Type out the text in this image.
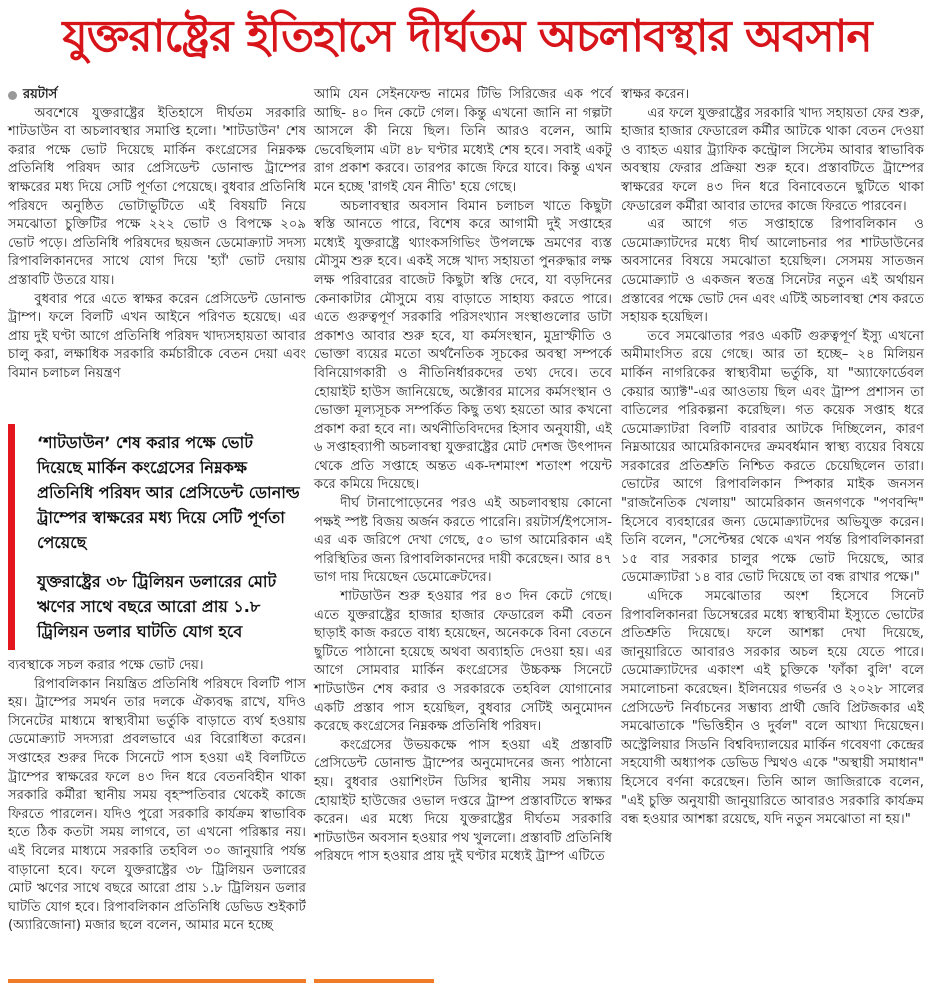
যুক্তরাষ্ট্রের ইতিহাসে দীর্ঘতম অচলাবস্থার অবসান
রয়টার্স

অবশেষে যুক্তরাষ্ট্রের ইতিহাসে দীর্ঘতম সরকারি শাটডাউন বা অচলাবস্থার সমাপ্তি হলো। 'শাটডাউন' শেষ করার পক্ষে ভোট দিয়েছে মার্কিন কংগ্রেসের নিম্নকক্ষ প্রতিনিধি পরিষদ আর প্রেসিডেন্ট ডোনাল্ড ট্রাম্পের স্বাক্ষরের মধ্য দিয়ে সেটি পূর্ণতা পেয়েছে। বুধবার প্রতিনিধি পরিষদে অনুষ্ঠিত ভোটাভুটিতে এই বিষয়টি নিয়ে সমঝোতা চুক্তিটির পক্ষে ২২২ ভোট ও বিপক্ষে ২০৯ ভোট পড়ে। প্রতিনিধি পরিষদের ছয়জন ডেমোক্র্যাট সদস্য রিপাবলিকানদের সাথে যোগ দিয়ে 'হ্যাঁ' ভোট দেয়ায় প্রস্তাবটি উতরে যায়।

বুধবার পরে এতে স্বাক্ষর করেন প্রেসিডেন্ট ডোনাল্ড ট্রাম্প। ফলে বিলটি এখন আইনে পরিণত হয়েছে। এর প্রায় দুই ঘণ্টা আগে প্রতিনিধি পরিষদ খাদ্যসহায়তা আবার চালু করা, লক্ষাধিক সরকারি কর্মচারীকে বেতন দেয়া এবং বিমান চলাচল নিয়ন্ত্রণ

‘শাটডাউন’ শেষ করার পক্ষে ভোট দিয়েছে মার্কিন কংগ্রেসের নিম্নকক্ষ প্রতিনিধি পরিষদ আর প্রেসিডেন্ট ডোনাল্ড ট্রাম্পের স্বাক্ষরের মধ্য দিয়ে সেটি পূর্ণতা পেয়েছে

যুক্তরাষ্ট্রের ৩৮ ট্রিলিয়ন ডলারের মোট ঋণের সাথে বছরে আরো প্রায় ১.৮ ট্রিলিয়ন ডলার ঘাটতি যোগ হবে

ব্যবস্থাকে সচল করার পক্ষে ভোট দেয়।

রিপাবলিকান নিয়ন্ত্রিত প্রতিনিধি পরিষদে বিলটি পাস হয়। ট্রাম্পের সমর্থন তার দলকে ঐক্যবদ্ধ রাখে, যদিও সিনেটের মাধ্যমে স্বাস্থ্যবীমা ভর্তুকি বাড়াতে ব্যর্থ হওয়ায় ডেমোক্র্যাট সদস্যরা প্রবলভাবে এর বিরোধিতা করেন। সপ্তাহের শুরুর দিকে সিনেটে পাস হওয়া এই বিলটিতে ট্রাম্পের স্বাক্ষরের ফলে ৪৩ দিন ধরে বেতনবিহীন থাকা সরকারি কর্মীরা স্থানীয় সময় বৃহস্পতিবার থেকেই কাজে ফিরতে পারলেন। যদিও পুরো সরকারি কার্যক্রম স্বাভাবিক হতে ঠিক কতটা সময় লাগবে, তা এখনো পরিষ্কার নয়। এই বিলের মাধ্যমে সরকারি তহবিল ৩০ জানুয়ারি পর্যন্ত বাড়ানো হবে। ফলে যুক্তরাষ্ট্রের ৩৮ ট্রিলিয়ন ডলারের মোট ঋণের সাথে বছরে আরো প্রায় ১.৮ ট্রিলিয়ন ডলার ঘাটতি যোগ হবে। রিপাবলিকান প্রতিনিধি ডেভিড শুইকার্ট (অ্যারিজোনা) মজার ছলে বলেন, আমার মনে হচ্ছে

আমি যেন সেইনফেল্ড নামের টিভি সিরিজের এক পর্বে আছি- ৪০ দিন কেটে গেল। কিন্তু এখনো জানি না গল্পটা আসলে কী নিয়ে ছিল। তিনি আরও বলেন, আমি ভেবেছিলাম এটা ৪৮ ঘণ্টার মধ্যেই শেষ হবে। সবাই একটু রাগ প্রকাশ করবে। তারপর কাজে ফিরে যাবে। কিন্তু এখন মনে হচ্ছে 'রাগই যেন নীতি' হয়ে গেছে।

অচলাবস্থার অবসান বিমান চলাচল খাতে কিছুটা স্বস্তি আনতে পারে, বিশেষ করে আগামী দুই সপ্তাহের মধ্যেই যুক্তরাষ্ট্রে থ্যাংকসগিভিং উপলক্ষে ভ্রমণের ব্যস্ত মৌসুম শুরু হবে। একই সঙ্গে খাদ্য সহায়তা পুনরুদ্ধার লক্ষ লক্ষ পরিবারের বাজেট কিছুটা স্বস্তি দেবে, যা বড়দিনের কেনাকাটার মৌসুমে ব্যয় বাড়াতে সাহায্য করতে পারে। এতে গুরুত্বপূর্ণ সরকারি পরিসংখ্যান সংস্থাগুলোর ডাটা প্রকাশও আবার শুরু হবে, যা কর্মসংস্থান, মুদ্রাস্ফীতি ও ভোক্তা ব্যয়ের মতো অর্থনৈতিক সূচকের অবস্থা সম্পর্কে বিনিয়োগকারী ও নীতিনির্ধারকদের তথ্য দেবে। তবে হোয়াইট হাউস জানিয়েছে, অক্টোবর মাসের কর্মসংস্থান ও ভোক্তা মূল্যসূচক সম্পর্কিত কিছু তথ্য হয়তো আর কখনো প্রকাশ করা হবে না। অর্থনীতিবিদদের হিসাব অনুযায়ী, এই ৬ সপ্তাহব্যাপী অচলাবস্থা যুক্তরাষ্ট্রের মোট দেশজ উৎপাদন থেকে প্রতি সপ্তাহে অন্তত এক-দশমাংশ শতাংশ পয়েন্ট করে কমিয়ে দিয়েছে।

দীর্ঘ টানাপোড়েনের পরও এই অচলাবস্থায় কোনো পক্ষই স্পষ্ট বিজয় অর্জন করতে পারেনি। রয়টার্স/ইপসোস-এর এক জরিপে দেখা গেছে, ৫০ ভাগ আমেরিকান এই পরিস্থিতির জন্য রিপাবলিকানদের দায়ী করেছেন। আর ৪৭ ভাগ দায় দিয়েছেন ডেমোক্রেটদের।

শাটডাউন শুরু হওয়ার পর ৪৩ দিন কেটে গেছে। এতে যুক্তরাষ্ট্রের হাজার হাজার ফেডারেল কর্মী বেতন ছাড়াই কাজ করতে বাধ্য হয়েছেন, অনেককে বিনা বেতনে ছুটিতে পাঠানো হয়েছে অথবা অব্যাহতি দেওয়া হয়। এর আগে সোমবার মার্কিন কংগ্রেসের উচ্চকক্ষ সিনেটে শাটডাউন শেষ করার ও সরকারকে তহবিল যোগানোর একটি প্রস্তাব পাস হয়েছিল, বুধবার সেটিই অনুমোদন করেছে কংগ্রেসের নিম্নকক্ষ প্রতিনিধি পরিষদ।

কংগ্রেসের উভয়কক্ষে পাস হওয়া এই প্রস্তাবটি প্রেসিডেন্ট ডোনাল্ড ট্রাম্পের অনুমোদনের জন্য পাঠানো হয়। বুধবার ওয়াশিংটন ডিসির স্থানীয় সময় সন্ধ্যায় হোয়াইট হাউজের ওভাল দপ্তরে ট্রাম্প প্রস্তাবটিতে স্বাক্ষর করেন। এর মধ্যে দিয়ে যুক্তরাষ্ট্রের দীর্ঘতম সরকারি শাটডাউন অবসান হওয়ার পথ খুললো। প্রস্তাবটি প্রতিনিধি পরিষদে পাস হওয়ার প্রায় দুই ঘণ্টার মধ্যেই ট্রাম্প এটিতে

স্বাক্ষর করেন।

এর ফলে যুক্তরাষ্ট্রের সরকারি খাদ্য সহায়তা ফের শুরু, হাজার হাজার ফেডারেল কর্মীর আটকে থাকা বেতন দেওয়া ও ব্যাহত এয়ার ট্র্যাফিক কন্ট্রোল সিস্টেম আবার স্বাভাবিক অবস্থায় ফেরার প্রক্রিয়া শুরু হবে। প্রস্তাবটিতে ট্রাম্পের স্বাক্ষরের ফলে ৪৩ দিন ধরে বিনাবেতনে ছুটিতে থাকা ফেডারেল কর্মীরা আবার তাদের কাজে ফিরতে পারবেন।

এর আগে গত সপ্তাহান্তে রিপাবলিকান ও ডেমোক্র্যাটদের মধ্যে দীর্ঘ আলোচনার পর শাটডাউনের অবসানের বিষয়ে সমঝোতা হয়েছিল। সেসময় সাতজন ডেমোক্র্যাট ও একজন স্বতন্ত্র সিনেটর নতুন এই অর্থায়ন প্রস্তাবের পক্ষে ভোট দেন এবং এটিই অচলাবস্থা শেষ করতে সহায়ক হয়েছিল।

তবে সমঝোতার পরও একটি গুরুত্বপূর্ণ ইস্যু এখনো অমীমাংসিত রয়ে গেছে। আর তা হচ্ছে– ২৪ মিলিয়ন মার্কিন নাগরিকের স্বাস্থ্যবীমা ভর্তুকি, যা "অ্যাফোর্ডেবল কেয়ার অ্যাক্ট"-এর আওতায় ছিল এবং ট্রাম্প প্রশাসন তা বাতিলের পরিকল্পনা করেছিল। গত কয়েক সপ্তাহ ধরে ডেমোক্র্যাটরা বিলটি বারবার আটকে দিচ্ছিলেন, কারণ নিম্নআয়ের আমেরিকানদের ক্রমবর্ধমান স্বাস্থ্য ব্যয়ের বিষয়ে সরকারের প্রতিশ্রুতি নিশ্চিত করতে চেয়েছিলেন তারা। ভোটের আগে রিপাবলিকান স্পিকার মাইক জনসন "রাজনৈতিক খেলায়" আমেরিকান জনগণকে "পণবন্দি" হিসেবে ব্যবহারের জন্য ডেমোক্র্যাটদের অভিযুক্ত করেন। তিনি বলেন, "সেপ্টেম্বর থেকে এখন পর্যন্ত রিপাবলিকানরা ১৫ বার সরকার চালুর পক্ষে ভোট দিয়েছে, আর ডেমোক্র্যাটরা ১৪ বার ভোট দিয়েছে তা বন্ধ রাখার পক্ষে।"

এদিকে সমঝোতার অংশ হিসেবে সিনেট রিপাবলিকানরা ডিসেম্বরের মধ্যে স্বাস্থ্যবীমা ইস্যুতে ভোটের প্রতিশ্রুতি দিয়েছে। ফলে আশঙ্কা দেখা দিয়েছে, জানুয়ারিতে আবারও সরকার অচল হয়ে যেতে পারে। ডেমোক্র্যাটদের একাংশ এই চুক্তিকে 'ফাঁকা বুলি' বলে সমালোচনা করেছেন। ইলিনয়ের গভর্নর ও ২০২৮ সালের প্রেসিডেন্ট নির্বাচনের সম্ভাব্য প্রার্থী জেবি প্রিটজকার এই সমঝোতাকে "ভিত্তিহীন ও দুর্বল" বলে আখ্যা দিয়েছেন। অস্ট্রেলিয়ার সিডনি বিশ্ববিদ্যালয়ের মার্কিন গবেষণা কেন্দ্রের সহযোগী অধ্যাপক ডেভিড স্মিথও একে "অস্থায়ী সমাধান" হিসেবে বর্ণনা করেছেন। তিনি আল জাজিরাকে বলেন, "এই চুক্তি অনুযায়ী জানুয়ারিতে আবারও সরকারি কার্যক্রম বন্ধ হওয়ার আশঙ্কা রয়েছে, যদি নতুন সমঝোতা না হয়।"
